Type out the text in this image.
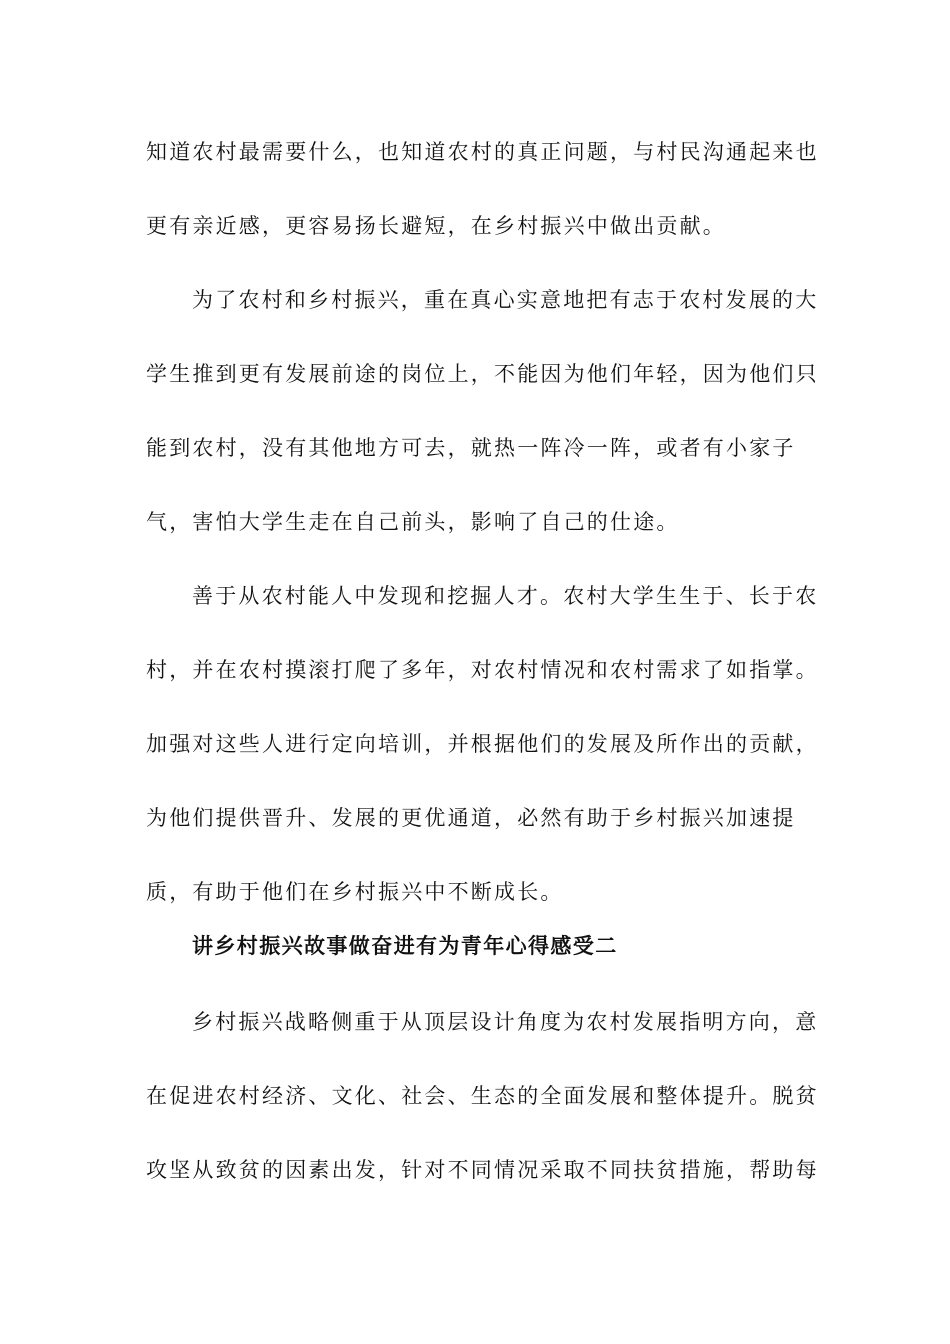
知道农村最需要什么，也知道农村的真正问题，与村民沟通起来也
更有亲近感，更容易扬长避短，在乡村振兴中做出贡献。
为了农村和乡村振兴，重在真心实意地把有志于农村发展的大
学生推到更有发展前途的岗位上，不能因为他们年轻，因为他们只
能到农村，没有其他地方可去，就热一阵冷一阵，或者有小家子
气，害怕大学生走在自己前头，影响了自己的仕途。
善于从农村能人中发现和挖掘人才。农村大学生生于、长于农
村，并在农村摸滚打爬了多年，对农村情况和农村需求了如指掌。
加强对这些人进行定向培训，并根据他们的发展及所作出的贡献，
为他们提供晋升、发展的更优通道，必然有助于乡村振兴加速提
质，有助于他们在乡村振兴中不断成长。
讲乡村振兴故事做奋进有为青年心得感受二
乡村振兴战略侧重于从顶层设计角度为农村发展指明方向，意
在促进农村经济、文化、社会、生态的全面发展和整体提升。脱贫
攻坚从致贫的因素出发，针对不同情况采取不同扶贫措施，帮助每
